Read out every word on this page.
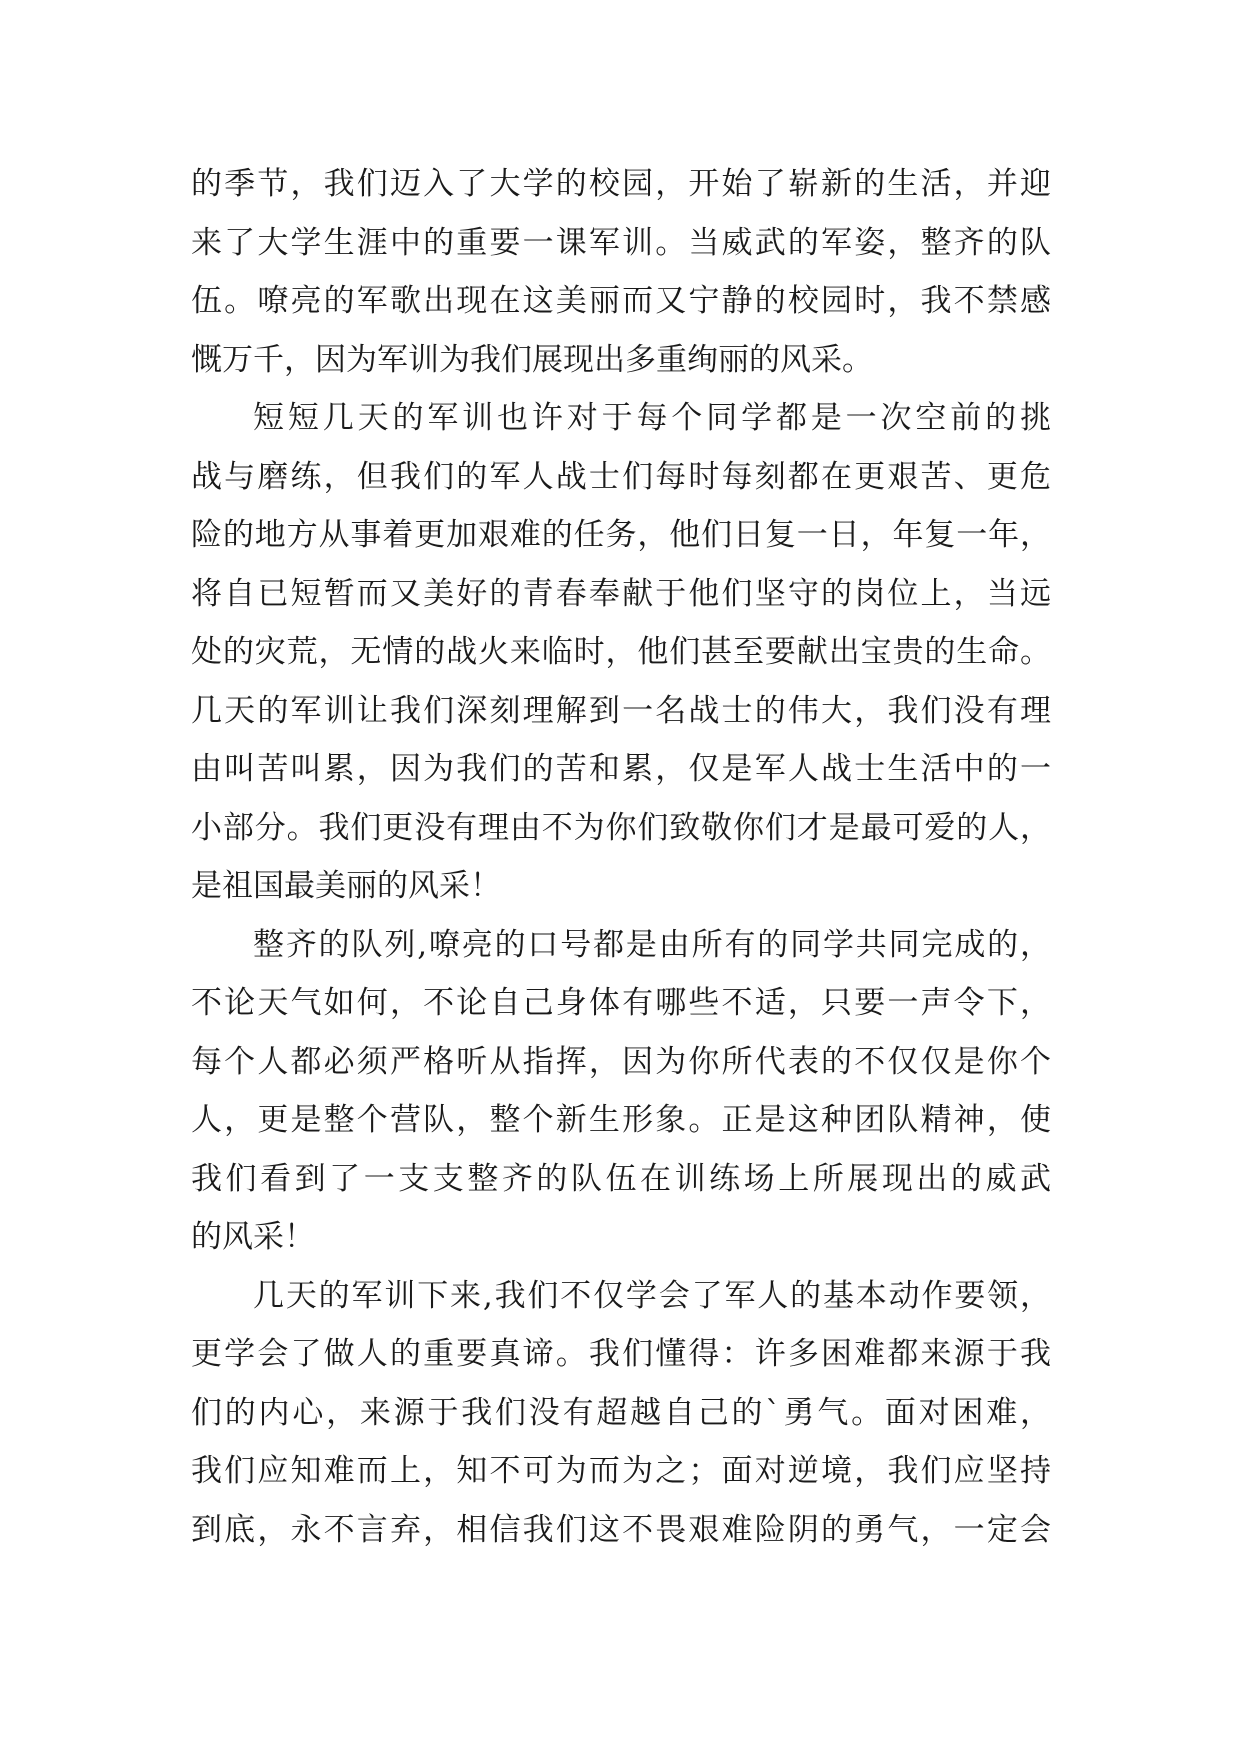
的季节，我们迈入了大学的校园，开始了崭新的生活，并迎
来了大学生涯中的重要一课军训。当威武的军姿，整齐的队
伍。嘹亮的军歌出现在这美丽而又宁静的校园时，我不禁感
慨万千，因为军训为我们展现出多重绚丽的风采。
短短几天的军训也许对于每个同学都是一次空前的挑
战与磨练，但我们的军人战士们每时每刻都在更艰苦、更危
险的地方从事着更加艰难的任务，他们日复一日，年复一年，
将自已短暂而又美好的青春奉献于他们坚守的岗位上，当远
处的灾荒，无情的战火来临时，他们甚至要献出宝贵的生命。
几天的军训让我们深刻理解到一名战士的伟大，我们没有理
由叫苦叫累，因为我们的苦和累，仅是军人战士生活中的一
小部分。我们更没有理由不为你们致敬你们才是最可爱的人，
是祖国最美丽的风采！
整齐的队列,嘹亮的口号都是由所有的同学共同完成的，
不论天气如何，不论自己身体有哪些不适，只要一声令下，
每个人都必须严格听从指挥，因为你所代表的不仅仅是你个
人，更是整个营队，整个新生形象。正是这种团队精神，使
我们看到了一支支整齐的队伍在训练场上所展现出的威武
的风采！
几天的军训下来,我们不仅学会了军人的基本动作要领，
更学会了做人的重要真谛。我们懂得：许多困难都来源于我
们的内心，来源于我们没有超越自己的`勇气。面对困难，
我们应知难而上，知不可为而为之；面对逆境，我们应坚持
到底，永不言弃，相信我们这不畏艰难险阴的勇气，一定会
